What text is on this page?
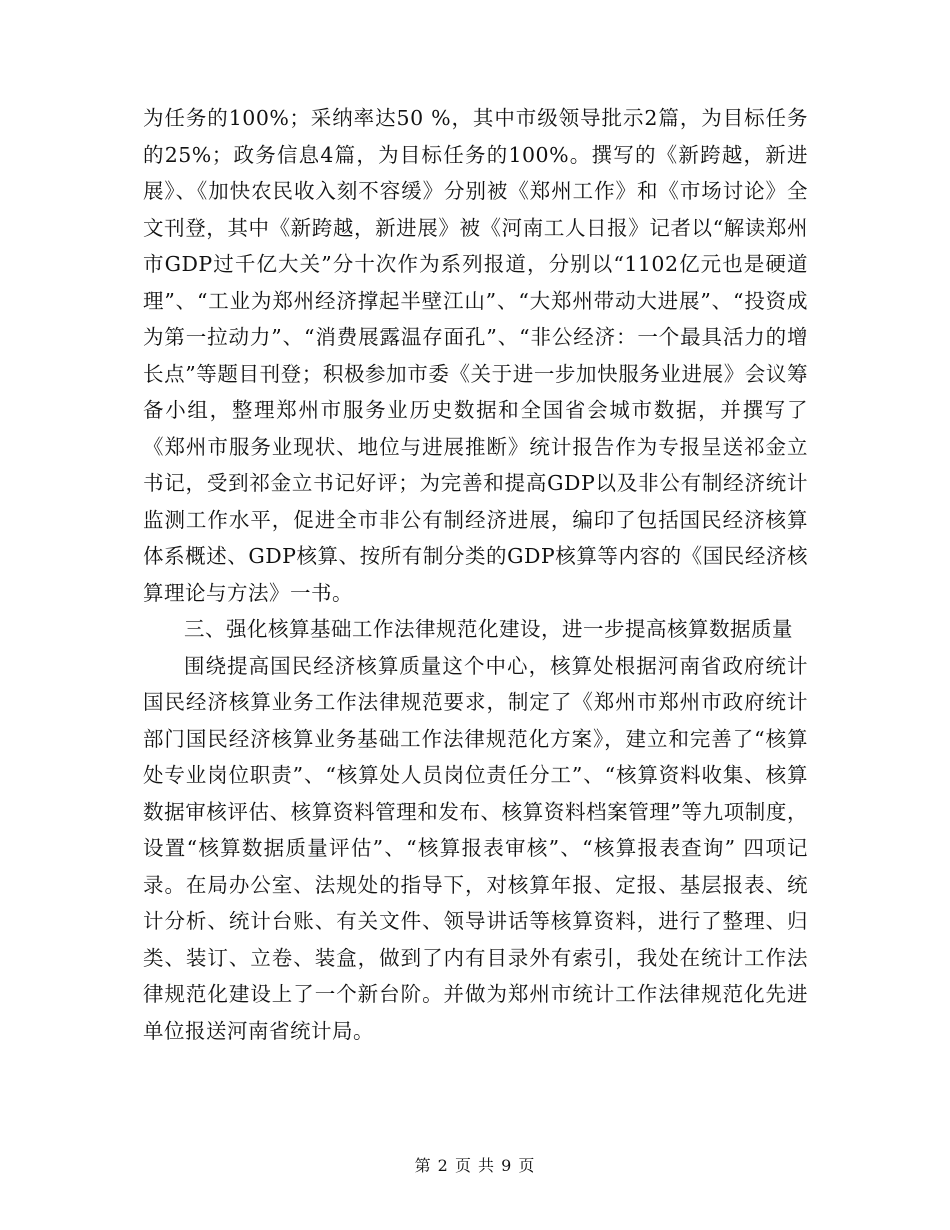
为任务的100%；采纳率达50 %，其中市级领导批示2篇，为目标任务的25%；政务信息4篇，为目标任务的100%。撰写的《新跨越，新进展》、《加快农民收入刻不容缓》分别被《郑州工作》和《市场讨论》全文刊登，其中《新跨越，新进展》被《河南工人日报》记者以“解读郑州市GDP过千亿大关”分十次作为系列报道，分别以“1102亿元也是硬道理”、“工业为郑州经济撑起半壁江山”、“大郑州带动大进展”、“投资成为第一拉动力”、“消费展露温存面孔”、“非公经济：一个最具活力的增长点”等题目刊登；积极参加市委《关于进一步加快服务业进展》会议筹备小组，整理郑州市服务业历史数据和全国省会城市数据，并撰写了《郑州市服务业现状、地位与进展推断》统计报告作为专报呈送祁金立书记，受到祁金立书记好评；为完善和提高GDP以及非公有制经济统计监测工作水平，促进全市非公有制经济进展，编印了包括国民经济核算体系概述、GDP核算、按所有制分类的GDP核算等内容的《国民经济核算理论与方法》一书。

三、强化核算基础工作法律规范化建设，进一步提高核算数据质量

围绕提高国民经济核算质量这个中心，核算处根据河南省政府统计国民经济核算业务工作法律规范要求，制定了《郑州市郑州市政府统计部门国民经济核算业务基础工作法律规范化方案》，建立和完善了“核算处专业岗位职责”、“核算处人员岗位责任分工”、“核算资料收集、核算数据审核评估、核算资料管理和发布、核算资料档案管理”等九项制度，设置“核算数据质量评估”、“核算报表审核”、“核算报表查询” 四项记录。在局办公室、法规处的指导下，对核算年报、定报、基层报表、统计分析、统计台账、有关文件、领导讲话等核算资料，进行了整理、归类、装订、立卷、装盒，做到了内有目录外有索引，我处在统计工作法律规范化建设上了一个新台阶。并做为郑州市统计工作法律规范化先进单位报送河南省统计局。

第 2 页 共 9 页
